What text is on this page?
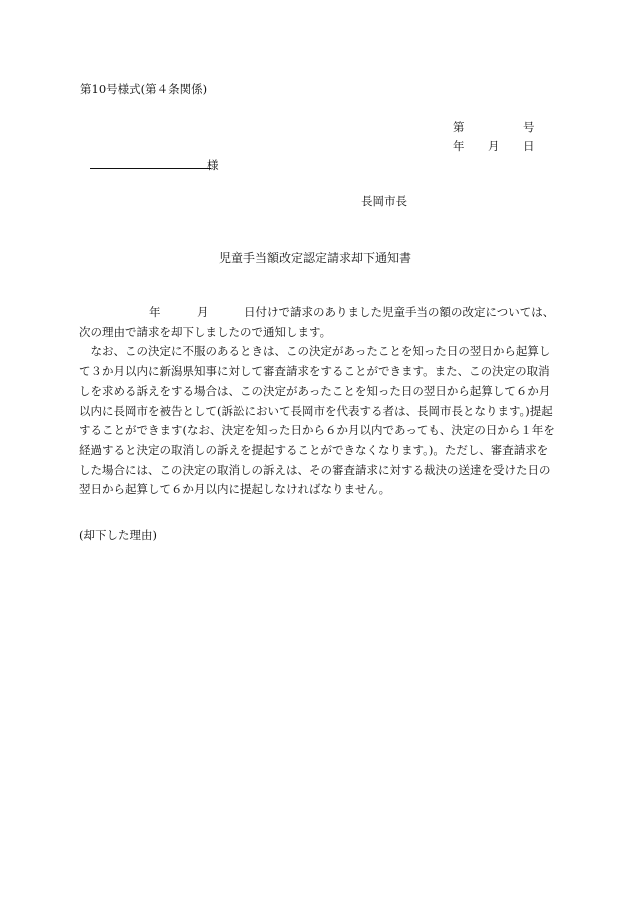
第10号様式(第４条関係)
第	号
年 月 日
様
長岡市長
児童手当額改定認定請求却下通知書
年	月	日付けで請求のありました児童手当の額の改定については、

次の理由で請求を却下しましたので通知します。

　なお、この決定に不服のあるときは、この決定があったことを知った日の翌日から起算して３か月以内に新潟県知事に対して審査請求をすることができます。また、この決定の取消しを求める訴えをする場合は、この決定があったことを知った日の翌日から起算して６か月以内に長岡市を被告として(訴訟において長岡市を代表する者は、長岡市長となります。)提起することができます(なお、決定を知った日から６か月以内であっても、決定の日から１年を経過すると決定の取消しの訴えを提起することができなくなります。)。ただし、審査請求をした場合には、この決定の取消しの訴えは、その審査請求に対する裁決の送達を受けた日の翌日から起算して６か月以内に提起しなければなりません。

(却下した理由)
